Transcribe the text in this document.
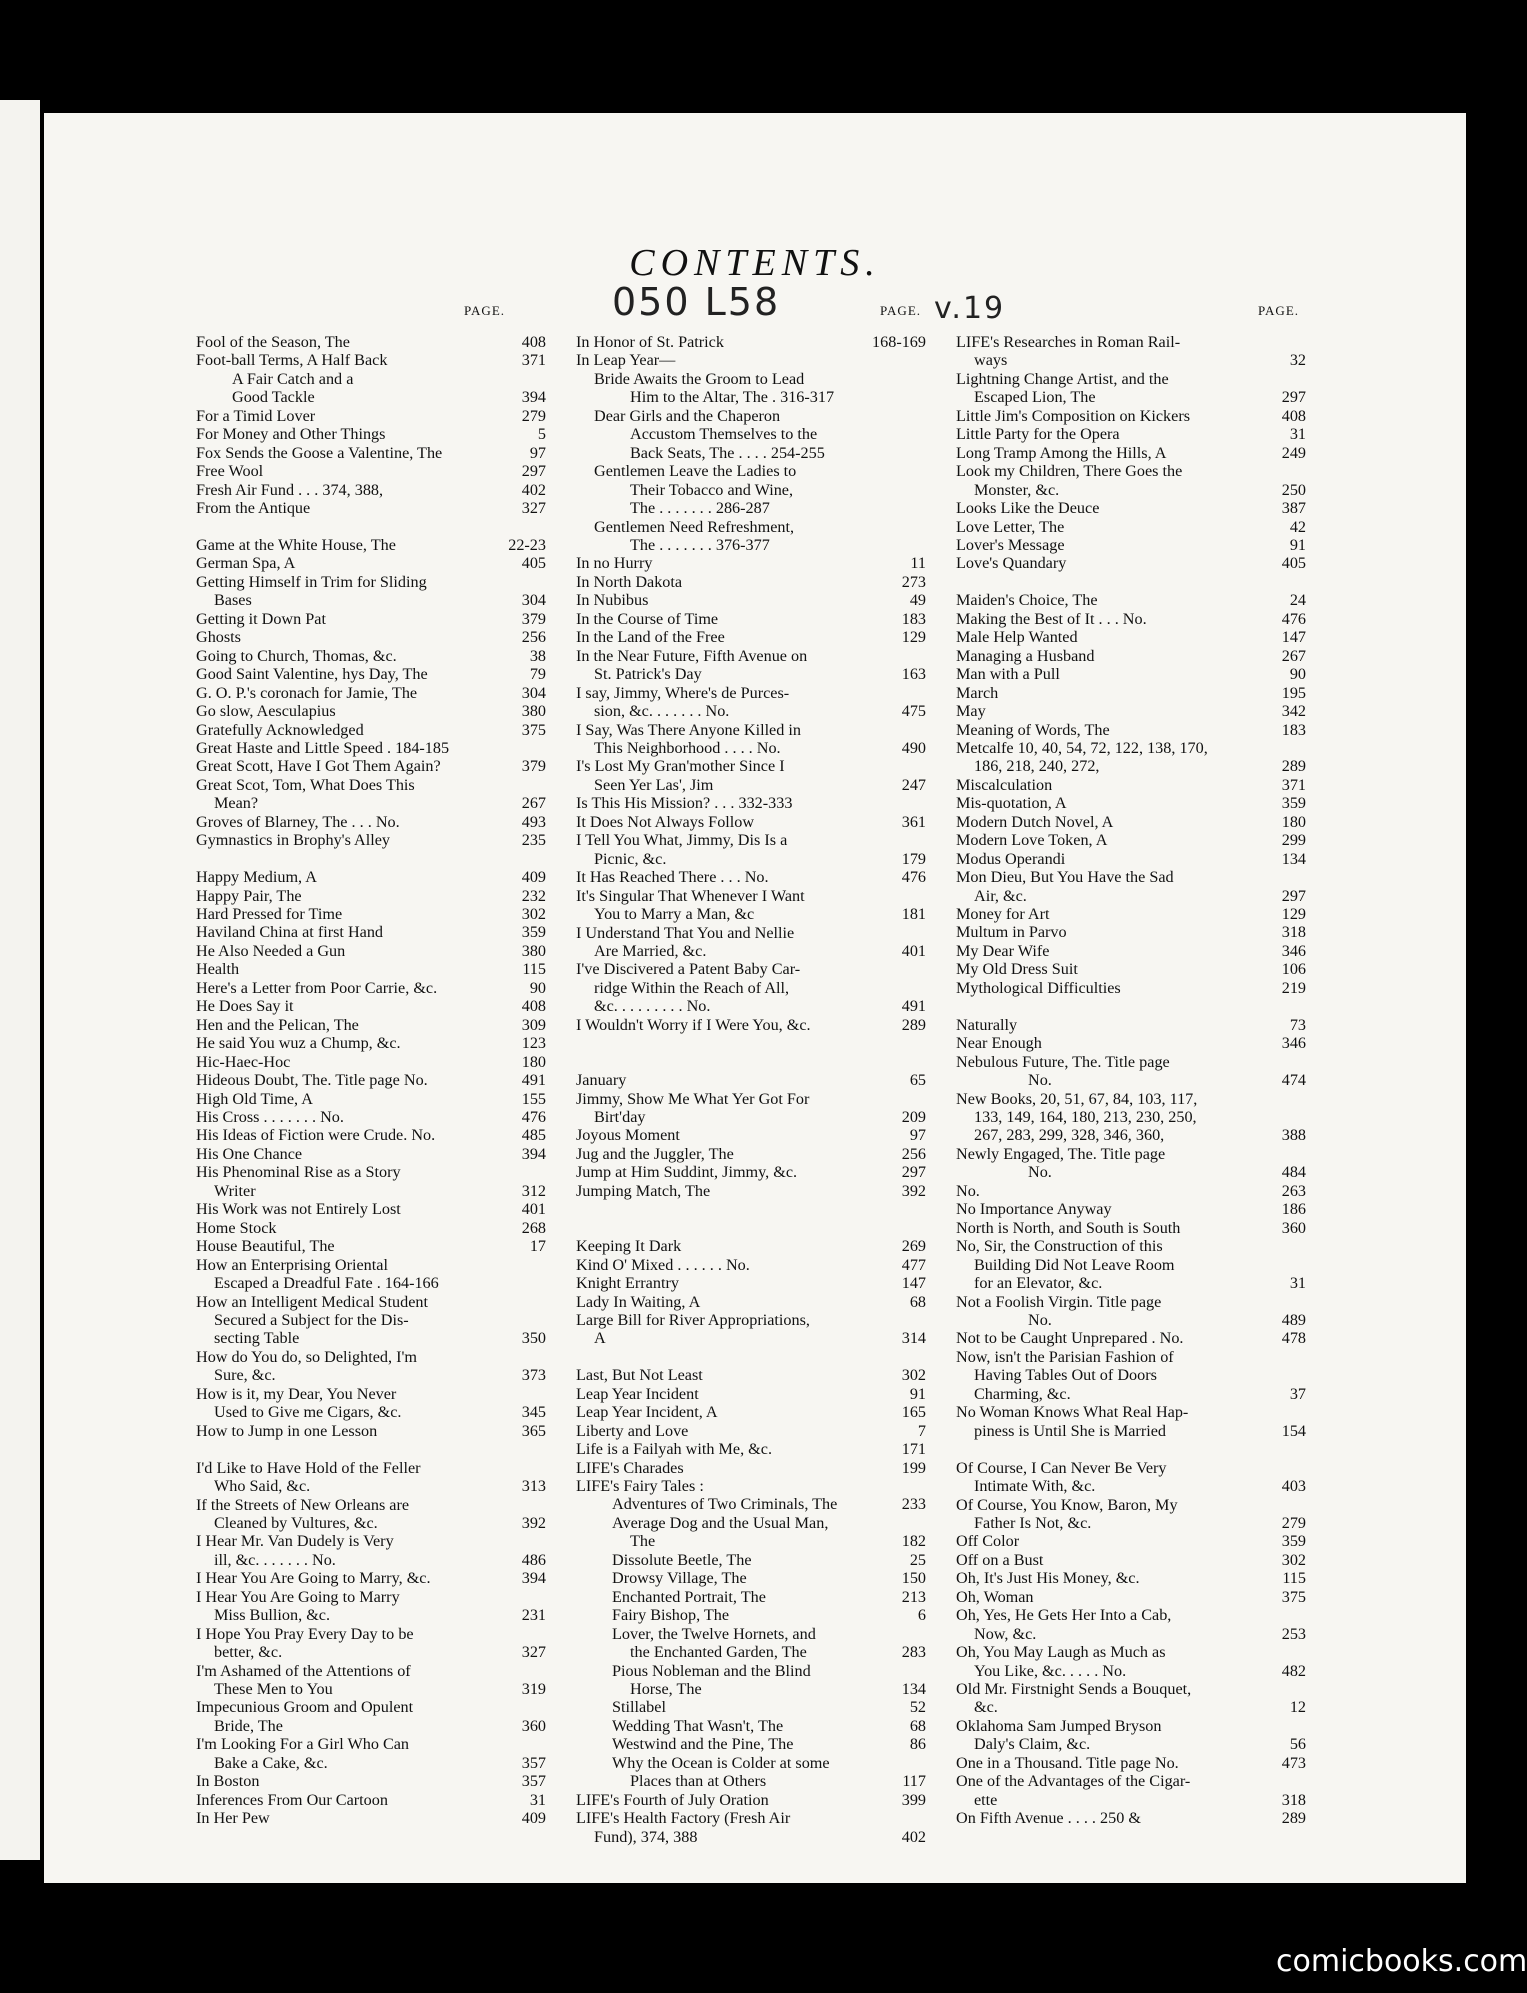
CONTENTS.
PAGE.	PAGE.	PAGE.
050 L58	v.19
Fool of the Season, The	408
Foot-ball Terms, A Half Back	371
A Fair Catch and a
Good Tackle	394
For a Timid Lover	279
For Money and Other Things	5
Fox Sends the Goose a Valentine, The	97
Free Wool	297
Fresh Air Fund . . . 374, 388,	402
From the Antique	327
Game at the White House, The	22-23
German Spa, A	405
Getting Himself in Trim for Sliding
Bases	304
Getting it Down Pat	379
Ghosts	256
Going to Church, Thomas, &c.	38
Good Saint Valentine, hys Day, The	79
G. O. P.'s coronach for Jamie, The	304
Go slow, Aesculapius	380
Gratefully Acknowledged	375
Great Haste and Little Speed . 184-185
Great Scott, Have I Got Them Again?	379
Great Scot, Tom, What Does This
Mean?	267
Groves of Blarney, The . . . No.	493
Gymnastics in Brophy's Alley	235
Happy Medium, A	409
Happy Pair, The	232
Hard Pressed for Time	302
Haviland China at first Hand	359
He Also Needed a Gun	380
Health	115
Here's a Letter from Poor Carrie, &c.	90
He Does Say it	408
Hen and the Pelican, The	309
He said You wuz a Chump, &c.	123
Hic-Haec-Hoc	180
Hideous Doubt, The. Title page No.	491
High Old Time, A	155
His Cross . . . . . . . No.	476
His Ideas of Fiction were Crude. No.	485
His One Chance	394
His Phenominal Rise as a Story
Writer	312
His Work was not Entirely Lost	401
Home Stock	268
House Beautiful, The	17
How an Enterprising Oriental
Escaped a Dreadful Fate . 164-166
How an Intelligent Medical Student
Secured a Subject for the Dis-
secting Table	350
How do You do, so Delighted, I'm
Sure, &c.	373
How is it, my Dear, You Never
Used to Give me Cigars, &c.	345
How to Jump in one Lesson	365
I'd Like to Have Hold of the Feller
Who Said, &c.	313
If the Streets of New Orleans are
Cleaned by Vultures, &c.	392
I Hear Mr. Van Dudely is Very
ill, &c. . . . . . . No.	486
I Hear You Are Going to Marry, &c.	394
I Hear You Are Going to Marry
Miss Bullion, &c.	231
I Hope You Pray Every Day to be
better, &c.	327
I'm Ashamed of the Attentions of
These Men to You	319
Impecunious Groom and Opulent
Bride, The	360
I'm Looking For a Girl Who Can
Bake a Cake, &c.	357
In Boston	357
Inferences From Our Cartoon	31
In Her Pew	409
In Honor of St. Patrick	168-169
In Leap Year—
Bride Awaits the Groom to Lead
Him to the Altar, The . 316-317
Dear Girls and the Chaperon
Accustom Themselves to the
Back Seats, The . . . . 254-255
Gentlemen Leave the Ladies to
Their Tobacco and Wine,
The . . . . . . . 286-287
Gentlemen Need Refreshment,
The . . . . . . . 376-377
In no Hurry	11
In North Dakota	273
In Nubibus	49
In the Course of Time	183
In the Land of the Free	129
In the Near Future, Fifth Avenue on
St. Patrick's Day	163
I say, Jimmy, Where's de Purces-
sion, &c. . . . . . . No.	475
I Say, Was There Anyone Killed in
This Neighborhood . . . . No.	490
I's Lost My Gran'mother Since I
Seen Yer Las', Jim	247
Is This His Mission? . . . 332-333
It Does Not Always Follow	361
I Tell You What, Jimmy, Dis Is a
Picnic, &c.	179
It Has Reached There . . . No.	476
It's Singular That Whenever I Want
You to Marry a Man, &c	181
I Understand That You and Nellie
Are Married, &c.	401
I've Discivered a Patent Baby Car-
ridge Within the Reach of All,
&c. . . . . . . . . No.	491
I Wouldn't Worry if I Were You, &c.	289
January	65
Jimmy, Show Me What Yer Got For
Birt'day	209
Joyous Moment	97
Jug and the Juggler, The	256
Jump at Him Suddint, Jimmy, &c.	297
Jumping Match, The	392
Keeping It Dark	269
Kind O' Mixed . . . . . . No.	477
Knight Errantry	147
Lady In Waiting, A	68
Large Bill for River Appropriations,
A	314
Last, But Not Least	302
Leap Year Incident	91
Leap Year Incident, A	165
Liberty and Love	7
Life is a Failyah with Me, &c.	171
LIFE's Charades	199
LIFE's Fairy Tales :
Adventures of Two Criminals, The	233
Average Dog and the Usual Man,
The	182
Dissolute Beetle, The	25
Drowsy Village, The	150
Enchanted Portrait, The	213
Fairy Bishop, The	6
Lover, the Twelve Hornets, and
the Enchanted Garden, The	283
Pious Nobleman and the Blind
Horse, The	134
Stillabel	52
Wedding That Wasn't, The	68
Westwind and the Pine, The	86
Why the Ocean is Colder at some
Places than at Others	117
LIFE's Fourth of July Oration	399
LIFE's Health Factory (Fresh Air
Fund), 374, 388	402
LIFE's Researches in Roman Rail-
ways	32
Lightning Change Artist, and the
Escaped Lion, The	297
Little Jim's Composition on Kickers	408
Little Party for the Opera	31
Long Tramp Among the Hills, A	249
Look my Children, There Goes the
Monster, &c.	250
Looks Like the Deuce	387
Love Letter, The	42
Lover's Message	91
Love's Quandary	405
Maiden's Choice, The	24
Making the Best of It . . . No.	476
Male Help Wanted	147
Managing a Husband	267
Man with a Pull	90
March	195
May	342
Meaning of Words, The	183
Metcalfe 10, 40, 54, 72, 122, 138, 170,
186, 218, 240, 272,	289
Miscalculation	371
Mis-quotation, A	359
Modern Dutch Novel, A	180
Modern Love Token, A	299
Modus Operandi	134
Mon Dieu, But You Have the Sad
Air, &c.	297
Money for Art	129
Multum in Parvo	318
My Dear Wife	346
My Old Dress Suit	106
Mythological Difficulties	219
Naturally	73
Near Enough	346
Nebulous Future, The. Title page
No.	474
New Books, 20, 51, 67, 84, 103, 117,
133, 149, 164, 180, 213, 230, 250,
267, 283, 299, 328, 346, 360,	388
Newly Engaged, The. Title page
No.	484
No.	263
No Importance Anyway	186
North is North, and South is South	360
No, Sir, the Construction of this
Building Did Not Leave Room
for an Elevator, &c.	31
Not a Foolish Virgin. Title page
No.	489
Not to be Caught Unprepared . No.	478
Now, isn't the Parisian Fashion of
Having Tables Out of Doors
Charming, &c.	37
No Woman Knows What Real Hap-
piness is Until She is Married	154
Of Course, I Can Never Be Very
Intimate With, &c.	403
Of Course, You Know, Baron, My
Father Is Not, &c.	279
Off Color	359
Off on a Bust	302
Oh, It's Just His Money, &c.	115
Oh, Woman	375
Oh, Yes, He Gets Her Into a Cab,
Now, &c.	253
Oh, You May Laugh as Much as
You Like, &c. . . . . No.	482
Old Mr. Firstnight Sends a Bouquet,
&c.	12
Oklahoma Sam Jumped Bryson
Daly's Claim, &c.	56
One in a Thousand. Title page No.	473
One of the Advantages of the Cigar-
ette	318
On Fifth Avenue . . . . 250 &	289
comicbooks.com
